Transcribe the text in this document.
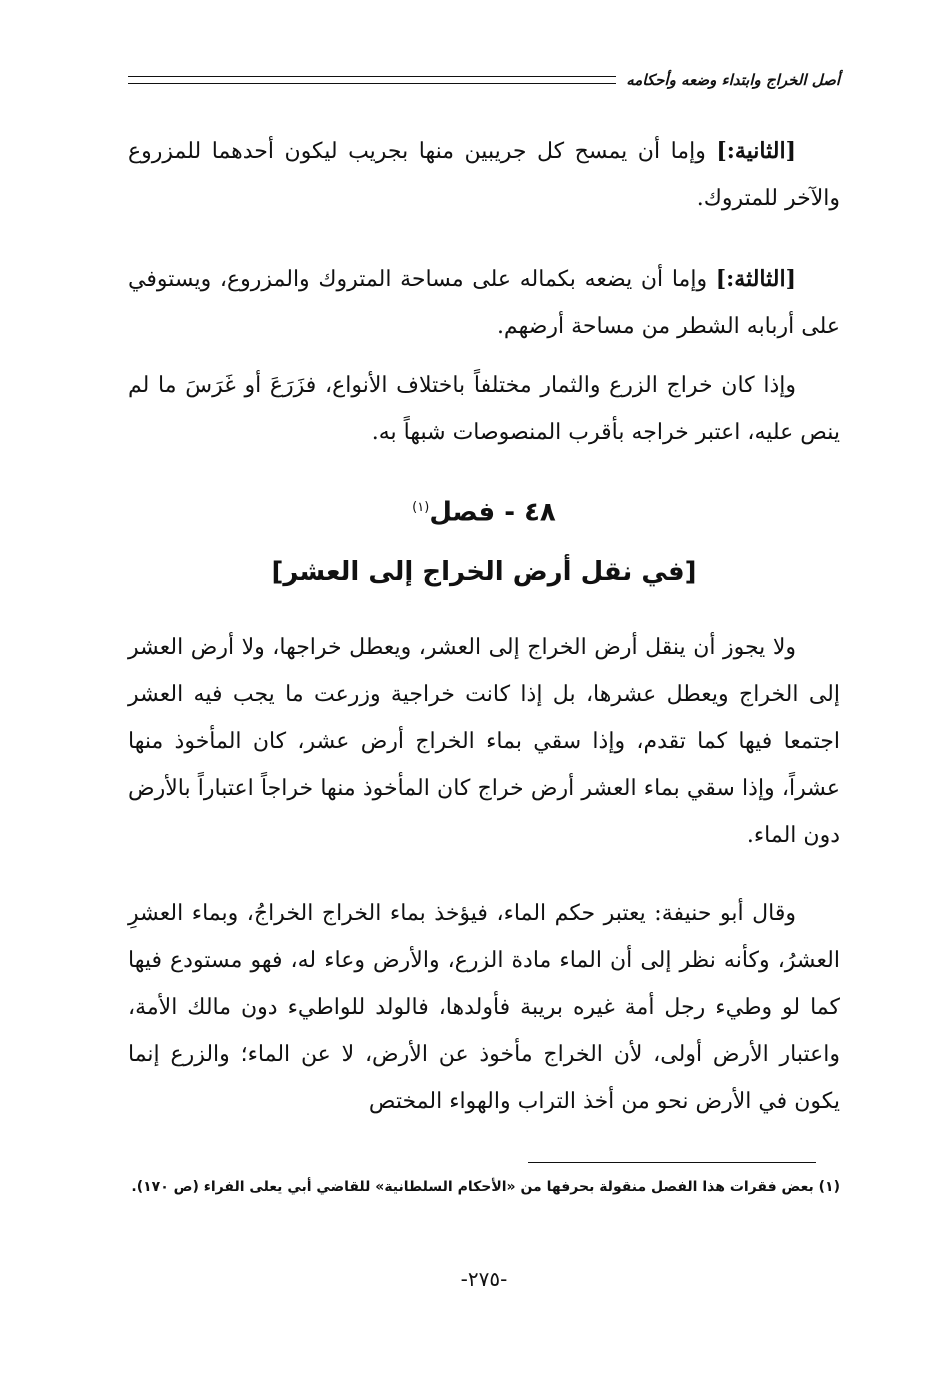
أصل الخراج وابتداء وضعه وأحكامه

[الثانية:] وإما أن يمسح كل جريبين منها بجريب ليكون أحدهما للمزروع والآخر للمتروك.

[الثالثة:] وإما أن يضعه بكماله على مساحة المتروك والمزروع، ويستوفي على أربابه الشطر من مساحة أرضهم.

وإذا كان خراج الزرع والثمار مختلفاً باختلاف الأنواع، فزَرَعَ أو غَرَسَ ما لم ينص عليه، اعتبر خراجه بأقرب المنصوصات شبهاً به.

٤٨ - فصل$^{(١)}$
[في نقل أرض الخراج إلى العشر]

ولا يجوز أن ينقل أرض الخراج إلى العشر، ويعطل خراجها، ولا أرض العشر إلى الخراج ويعطل عشرها، بل إذا كانت خراجية وزرعت ما يجب فيه العشر اجتمعا فيها كما تقدم، وإذا سقي بماء الخراج أرض عشر، كان المأخوذ منها عشراً، وإذا سقي بماء العشر أرض خراج كان المأخوذ منها خراجاً اعتباراً بالأرض دون الماء.

وقال أبو حنيفة: يعتبر حكم الماء، فيؤخذ بماء الخراج الخراجُ، وبماء العشرِ العشرُ، وكأنه نظر إلى أن الماء مادة الزرع، والأرض وعاء له، فهو مستودع فيها كما لو وطيء رجل أمة غيره بريبة فأولدها، فالولد للواطيء دون مالك الأمة، واعتبار الأرض أولى، لأن الخراج مأخوذ عن الأرض، لا عن الماء؛ والزرع إنما يكون في الأرض نحو من أخذ التراب والهواء المختص

(١) بعض فقرات هذا الفصل منقولة بحرفها من «الأحكام السلطانية» للقاضي أبي يعلى الفراء (ص ١٧٠).

-٢٧٥-
